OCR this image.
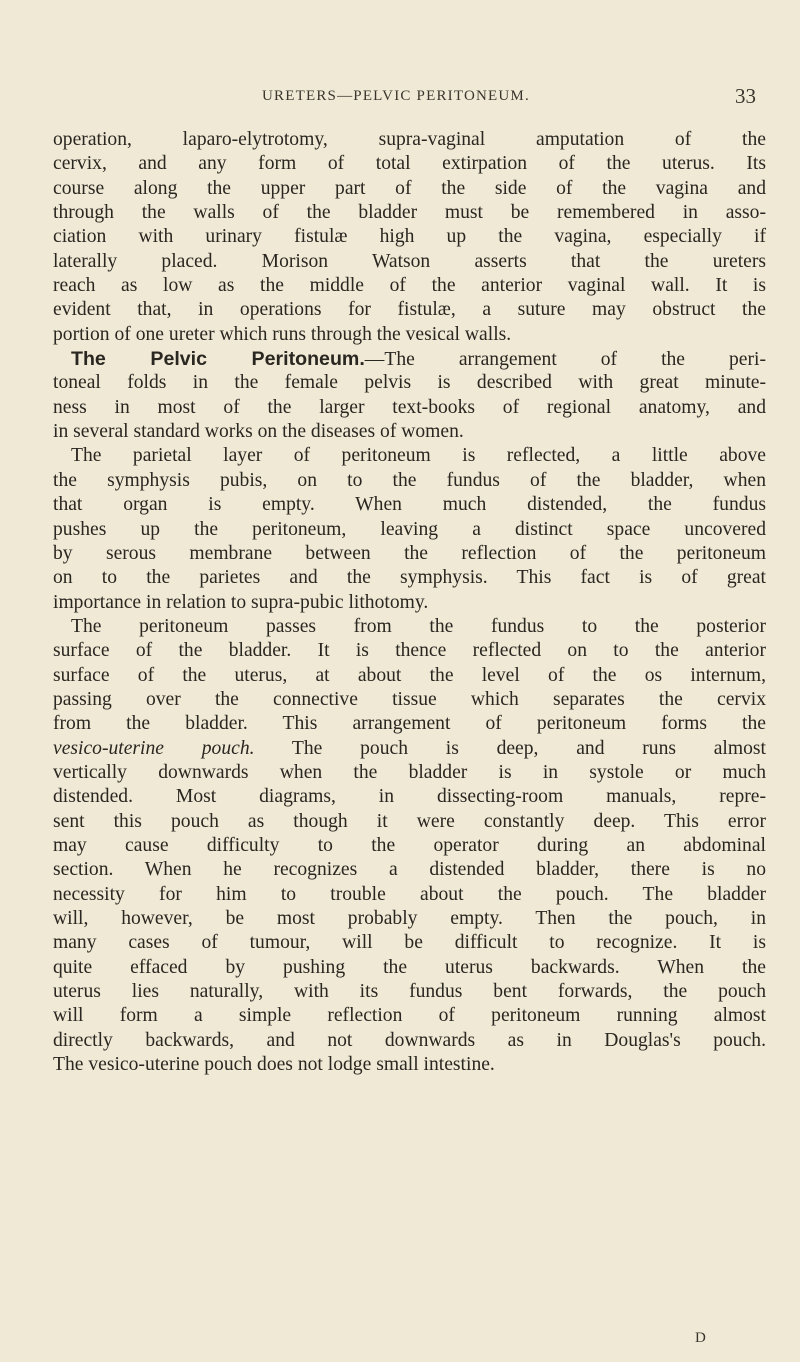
URETERS—PELVIC PERITONEUM.	33
operation, laparo-elytrotomy, supra-vaginal amputation of the
cervix, and any form of total extirpation of the uterus. Its
course along the upper part of the side of the vagina and
through the walls of the bladder must be remembered in asso-
ciation with urinary fistulæ high up the vagina, especially if
laterally placed. Morison Watson asserts that the ureters
reach as low as the middle of the anterior vaginal wall. It is
evident that, in operations for fistulæ, a suture may obstruct the
portion of one ureter which runs through the vesical walls.
The Pelvic Peritoneum.—The arrangement of the peri-
toneal folds in the female pelvis is described with great minute-
ness in most of the larger text-books of regional anatomy, and
in several standard works on the diseases of women.
The parietal layer of peritoneum is reflected, a little above
the symphysis pubis, on to the fundus of the bladder, when
that organ is empty. When much distended, the fundus
pushes up the peritoneum, leaving a distinct space uncovered
by serous membrane between the reflection of the peritoneum
on to the parietes and the symphysis. This fact is of great
importance in relation to supra-pubic lithotomy.
The peritoneum passes from the fundus to the posterior
surface of the bladder. It is thence reflected on to the anterior
surface of the uterus, at about the level of the os internum,
passing over the connective tissue which separates the cervix
from the bladder. This arrangement of peritoneum forms the
vesico-uterine pouch. The pouch is deep, and runs almost
vertically downwards when the bladder is in systole or much
distended. Most diagrams, in dissecting-room manuals, repre-
sent this pouch as though it were constantly deep. This error
may cause difficulty to the operator during an abdominal
section. When he recognizes a distended bladder, there is no
necessity for him to trouble about the pouch. The bladder
will, however, be most probably empty. Then the pouch, in
many cases of tumour, will be difficult to recognize. It is
quite effaced by pushing the uterus backwards. When the
uterus lies naturally, with its fundus bent forwards, the pouch
will form a simple reflection of peritoneum running almost
directly backwards, and not downwards as in Douglas's pouch.
The vesico-uterine pouch does not lodge small intestine.
D
